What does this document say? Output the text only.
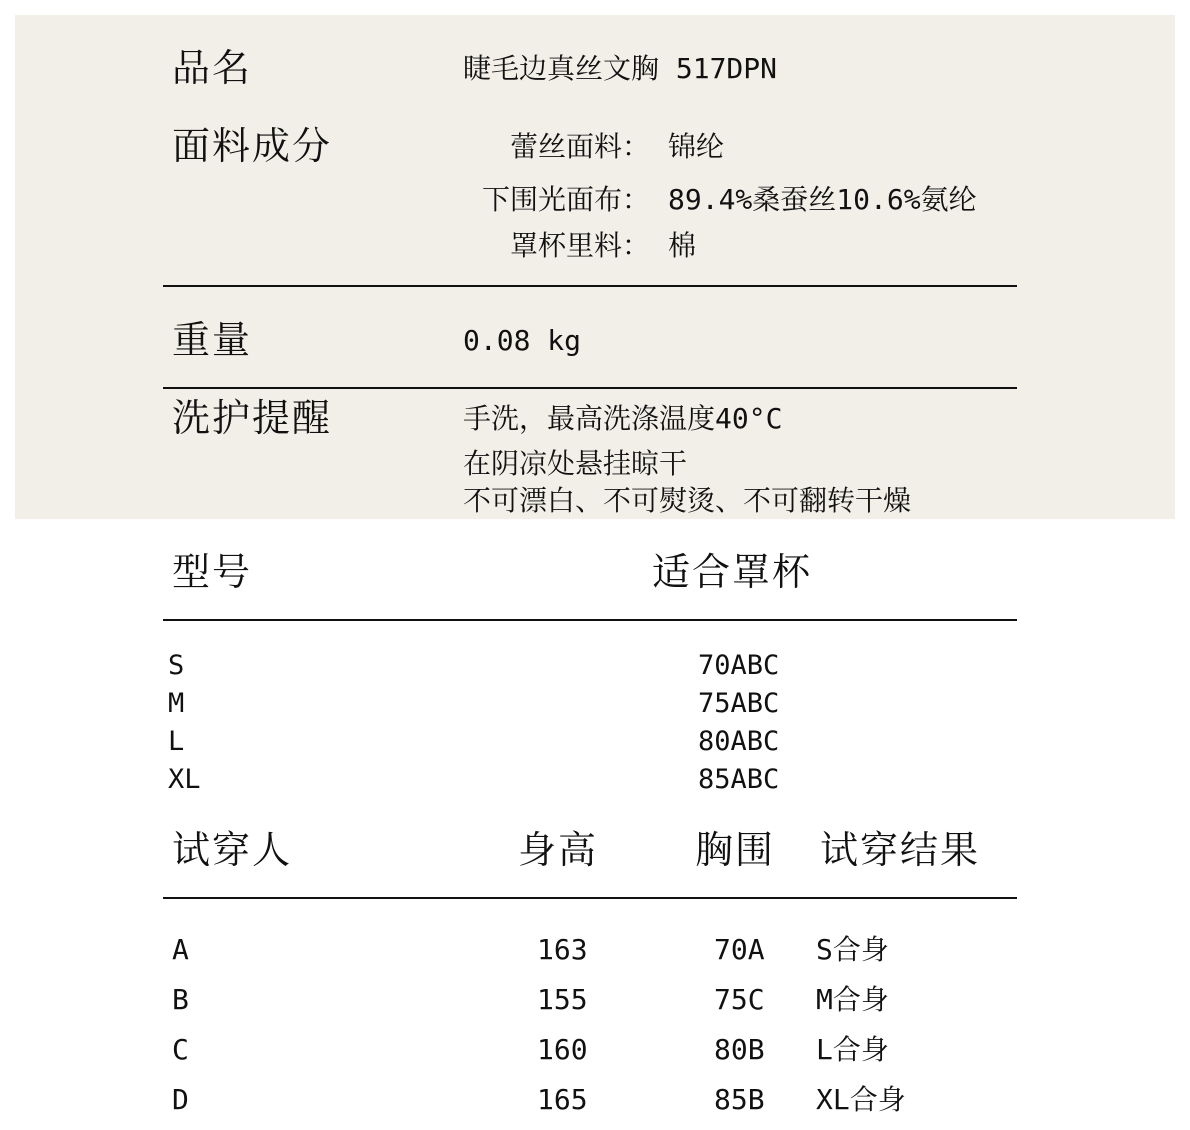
品名	睫毛边真丝文胸 517DPN
面料成分	蕾丝面料： 锦纶
下围光面布： 89.4%桑蚕丝10.6%氨纶
罩杯里料： 棉
重量	0.08 kg
洗护提醒	手洗，最高洗涤温度40°C
在阴凉处悬挂晾干
不可漂白、不可熨烫、不可翻转干燥
型号	适合罩杯
S	70ABC
M	75ABC
L	80ABC
XL	85ABC
试穿人	身高	胸围 试穿结果
A	163	70A S合身
B	155	75C M合身
C	160	80B L合身
D	165	85B XL合身
